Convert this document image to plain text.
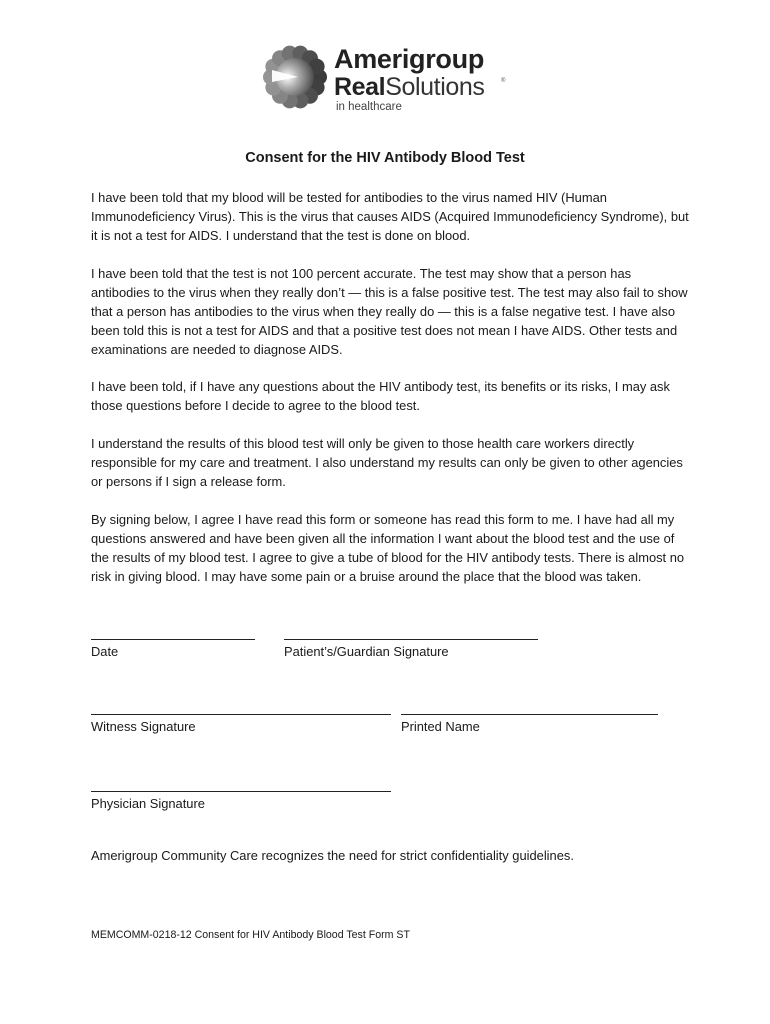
Amerigroup
RealSolutions	®
in healthcare
Consent for the HIV Antibody Blood Test

I have been told that my blood will be tested for antibodies to the virus named HIV (Human Immunodeficiency Virus). This is the virus that causes AIDS (Acquired Immunodeficiency Syndrome), but it is not a test for AIDS. I understand that the test is done on blood.

I have been told that the test is not 100 percent accurate. The test may show that a person has antibodies to the virus when they really don’t — this is a false positive test. The test may also fail to show that a person has antibodies to the virus when they really do — this is a false negative test. I have also been told this is not a test for AIDS and that a positive test does not mean I have AIDS. Other tests and examinations are needed to diagnose AIDS.

I have been told, if I have any questions about the HIV antibody test, its benefits or its risks, I may ask those questions before I decide to agree to the blood test.

I understand the results of this blood test will only be given to those health care workers directly responsible for my care and treatment. I also understand my results can only be given to other agencies or persons if I sign a release form.

By signing below, I agree I have read this form or someone has read this form to me. I have had all my questions answered and have been given all the information I want about the blood test and the use of the results of my blood test. I agree to give a tube of blood for the HIV antibody tests. There is almost no risk in giving blood. I may have some pain or a bruise around the place that the blood was taken.

Date	Patient’s/Guardian Signature
Witness Signature	Printed Name
Physician Signature
Amerigroup Community Care recognizes the need for strict confidentiality guidelines.
MEMCOMM-0218-12 Consent for HIV Antibody Blood Test Form ST
